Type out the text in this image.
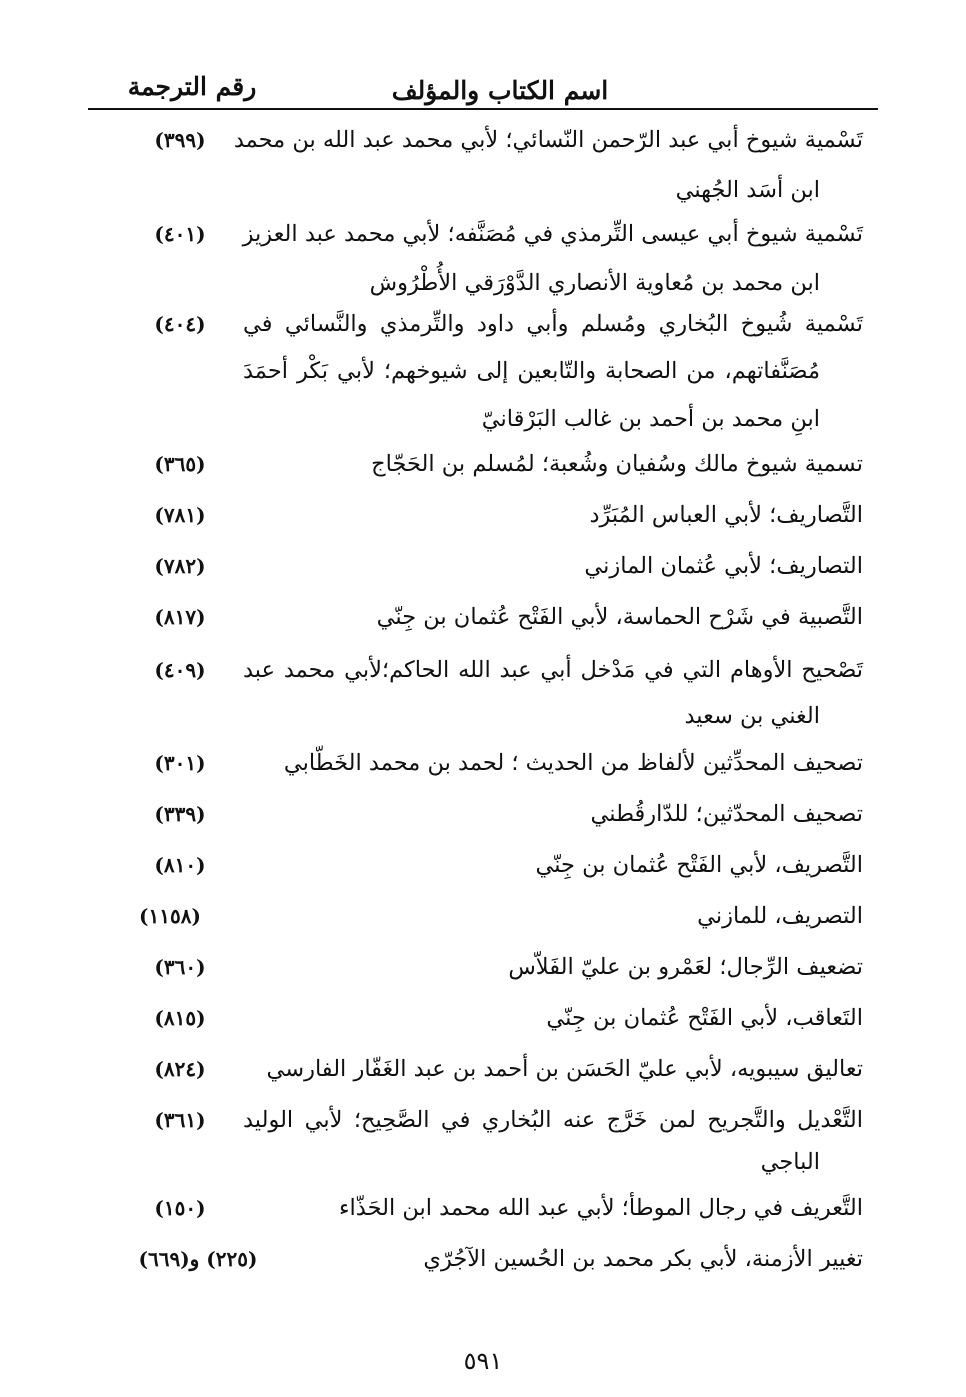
اسم الكتاب والمؤلف
رقم الترجمة
تَسْمية شيوخ أبي عبد الرّحمن النّسائي؛ لأبي محمد عبد الله بن محمد
ابن أسَد الجُهني
(٣٩٩)
تَسْمية شيوخ أبي عيسى التِّرمذي في مُصَنَّفه؛ لأبي محمد عبد العزيز
ابن محمد بن مُعاوية الأنصاري الدَّوْرَقي الأُطْرُوش
(٤٠١)
تَسْمية شُيوخ البُخاري ومُسلم وأبي داود والتِّرمذي والنَّسائي في
مُصَنَّفاتهم، من الصحابة والتّابعين إلى شيوخهم؛ لأبي بَكْر أحمَدَ
ابنِ محمد بن أحمد بن غالب البَرْقانيّ
(٤٠٤)
تسمية شيوخ مالك وسُفيان وشُعبة؛ لمُسلم بن الحَجّاج
(٣٦٥)
التَّصاريف؛ لأبي العباس المُبَرِّد
(٧٨١)
التصاريف؛ لأبي عُثمان المازني
(٧٨٢)
التَّصبية في شَرْح الحماسة، لأبي الفَتْح عُثمان بن جِنّي
(٨١٧)
تَصْحيح الأوهام التي في مَدْخل أبي عبد الله الحاكم؛لأبي محمد عبد
الغني بن سعيد
(٤٠٩)
تصحيف المحدِّثين لألفاظ من الحديث ؛ لحمد بن محمد الخَطّابي
(٣٠١)
تصحيف المحدّثين؛ للدّارقُطني
(٣٣٩)
التَّصريف، لأبي الفَتْح عُثمان بن جِنّي
(٨١٠)
التصريف، للمازني
(١١٥٨)
تضعيف الرِّجال؛ لعَمْرو بن عليّ الفَلاّس
(٣٦٠)
التَعاقب، لأبي الفَتْح عُثمان بن جِنّي
(٨١٥)
تعاليق سيبويه، لأبي عليّ الحَسَن بن أحمد بن عبد الغَفّار الفارسي
(٨٢٤)
التَّعْديل والتَّجريح لمن خَرَّج عنه البُخاري في الصَّحِيح؛ لأبي الوليد
الباجي
(٣٦١)
التَّعريف في رجال الموطأ؛ لأبي عبد الله محمد ابن الحَذّاء
(١٥٠)
تغيير الأزمنة، لأبي بكر محمد بن الحُسين الآجُرّي
(٢٢٥) و(٦٦٩)
٥٩١
